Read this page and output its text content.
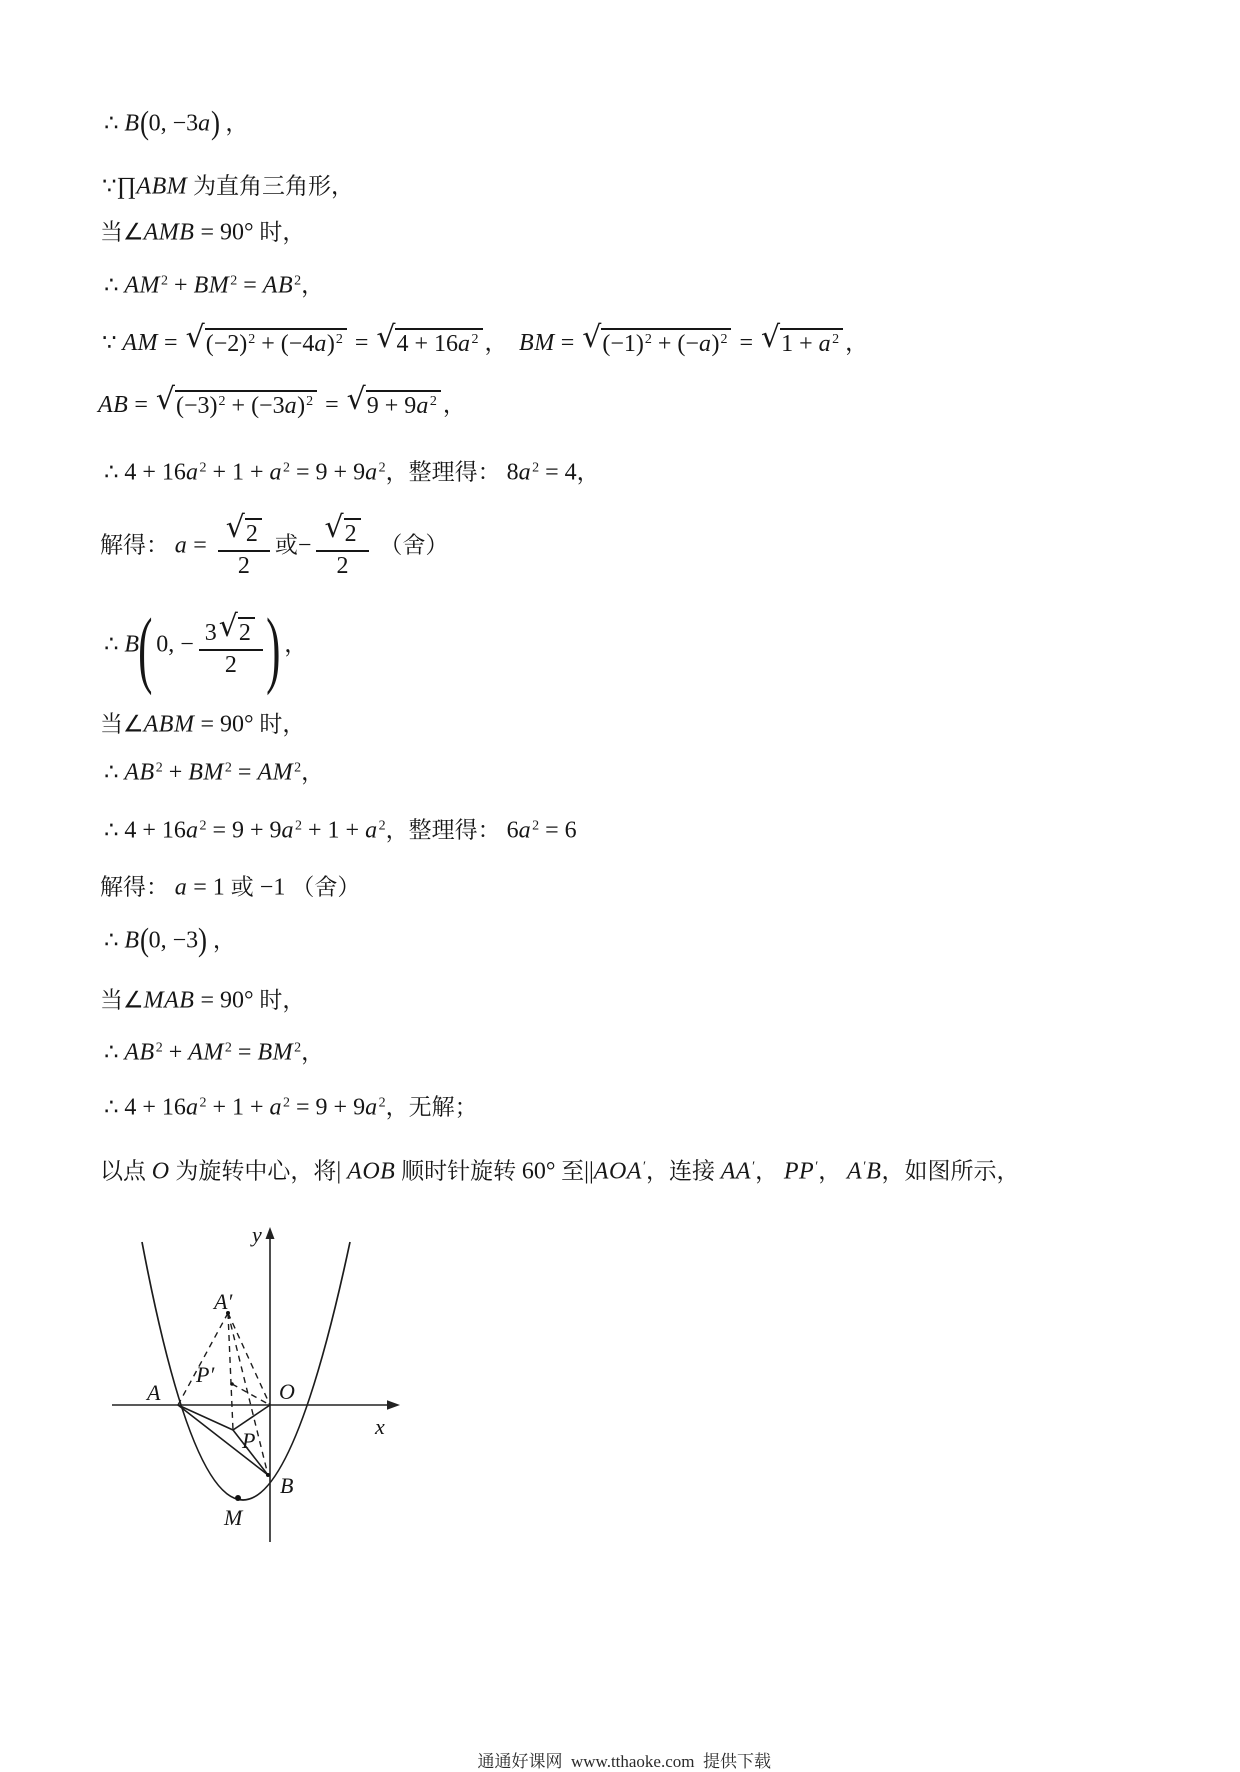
∴ B(0, −3a) ，
∵∏ABM 为直角三角形，
当∠AMB = 90° 时，
∴ $AM^2 + BM^2 = AB^2$，
∵ AM = √ $(-2)^2 + (-4a)^2$ = √ $4 + 16a^2$ ，  BM = √ $(-1)^2 + (-a)^2$ = √ $1 + a^2$ ，
AB = √ $(-3)^2 + (-3a)^2$ = √ $9 + 9a^2$ ，
∴ $4 + 16a^2 + 1 + a^2 = 9 + 9a^2$，整理得： $8a^2 = 4$，
解得： $a = \frac{√ 2}{2}$ 或− $\frac{√ 2}{2}$ （舍）
∴ B( 0, − $\frac{3 √ 2}{2}$ ) ，
当∠ABM = 90° 时，
∴ $AB^2 + BM^2 = AM^2$，
∴ $4 + 16a^2 = 9 + 9a^2 + 1 + a^2$，整理得： $6a^2 = 6$
解得： a = 1 或 −1 （舍）
∴ B(0, −3) ，
当∠MAB = 90° 时，
∴ $AB^2 + AM^2 = BM^2$，
∴ $4 + 16a^2 + 1 + a^2 = 9 + 9a^2$，无解；
以点 O 为旋转中心，将| AOB 顺时针旋转 60° 至||AOA′，连接 AA′， PP′， A′B，如图所示，
y
x
A	O
A′
P′
P
B
M

通通好课网  www.tthaoke.com  提供下载
